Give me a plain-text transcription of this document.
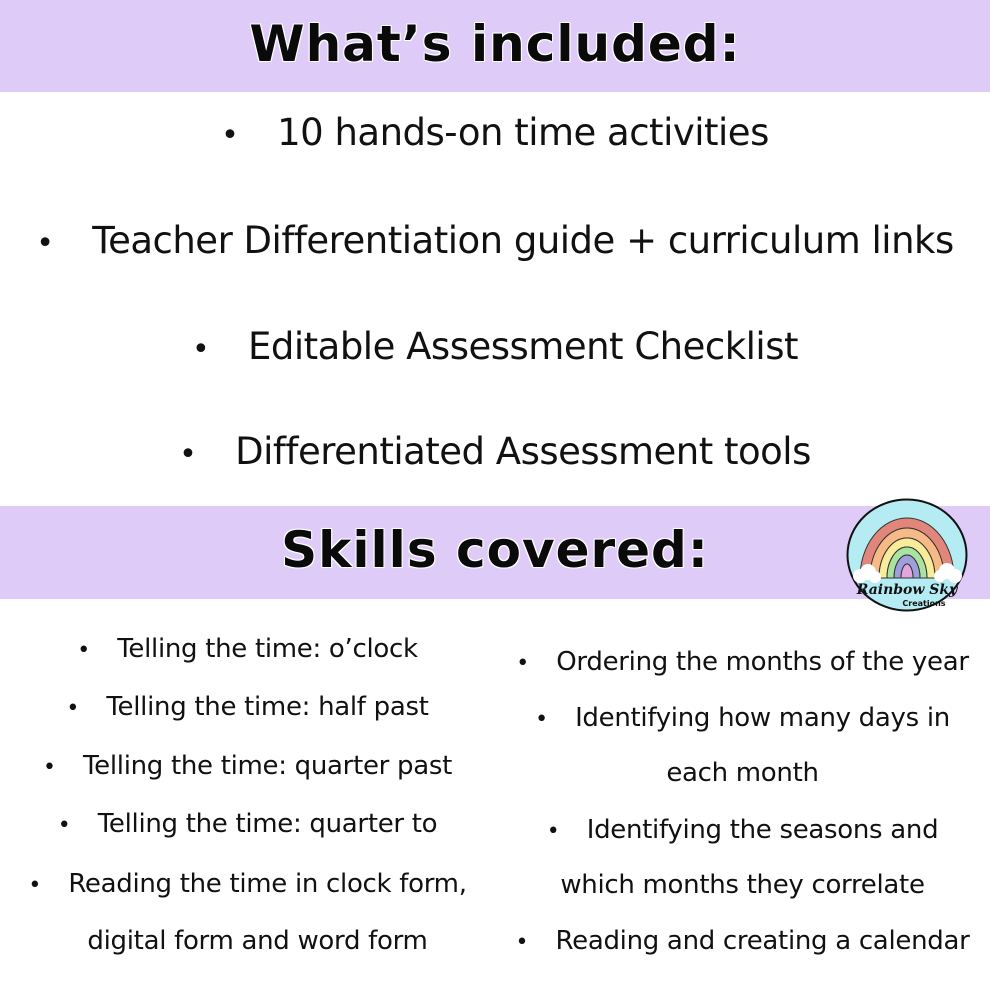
What’s included:
• 10 hands-on time activities
• Teacher Differentiation guide + curriculum links
• Editable Assessment Checklist
• Differentiated Assessment tools
Skills covered:
Rainbow Sky
Creations
• Telling the time: o’clock
• Telling the time: half past
• Telling the time: quarter past
• Telling the time: quarter to
• Reading the time in clock form,
digital form and word form
• Ordering the months of the year
• Identifying how many days in
each month
• Identifying the seasons and
which months they correlate
• Reading and creating a calendar
